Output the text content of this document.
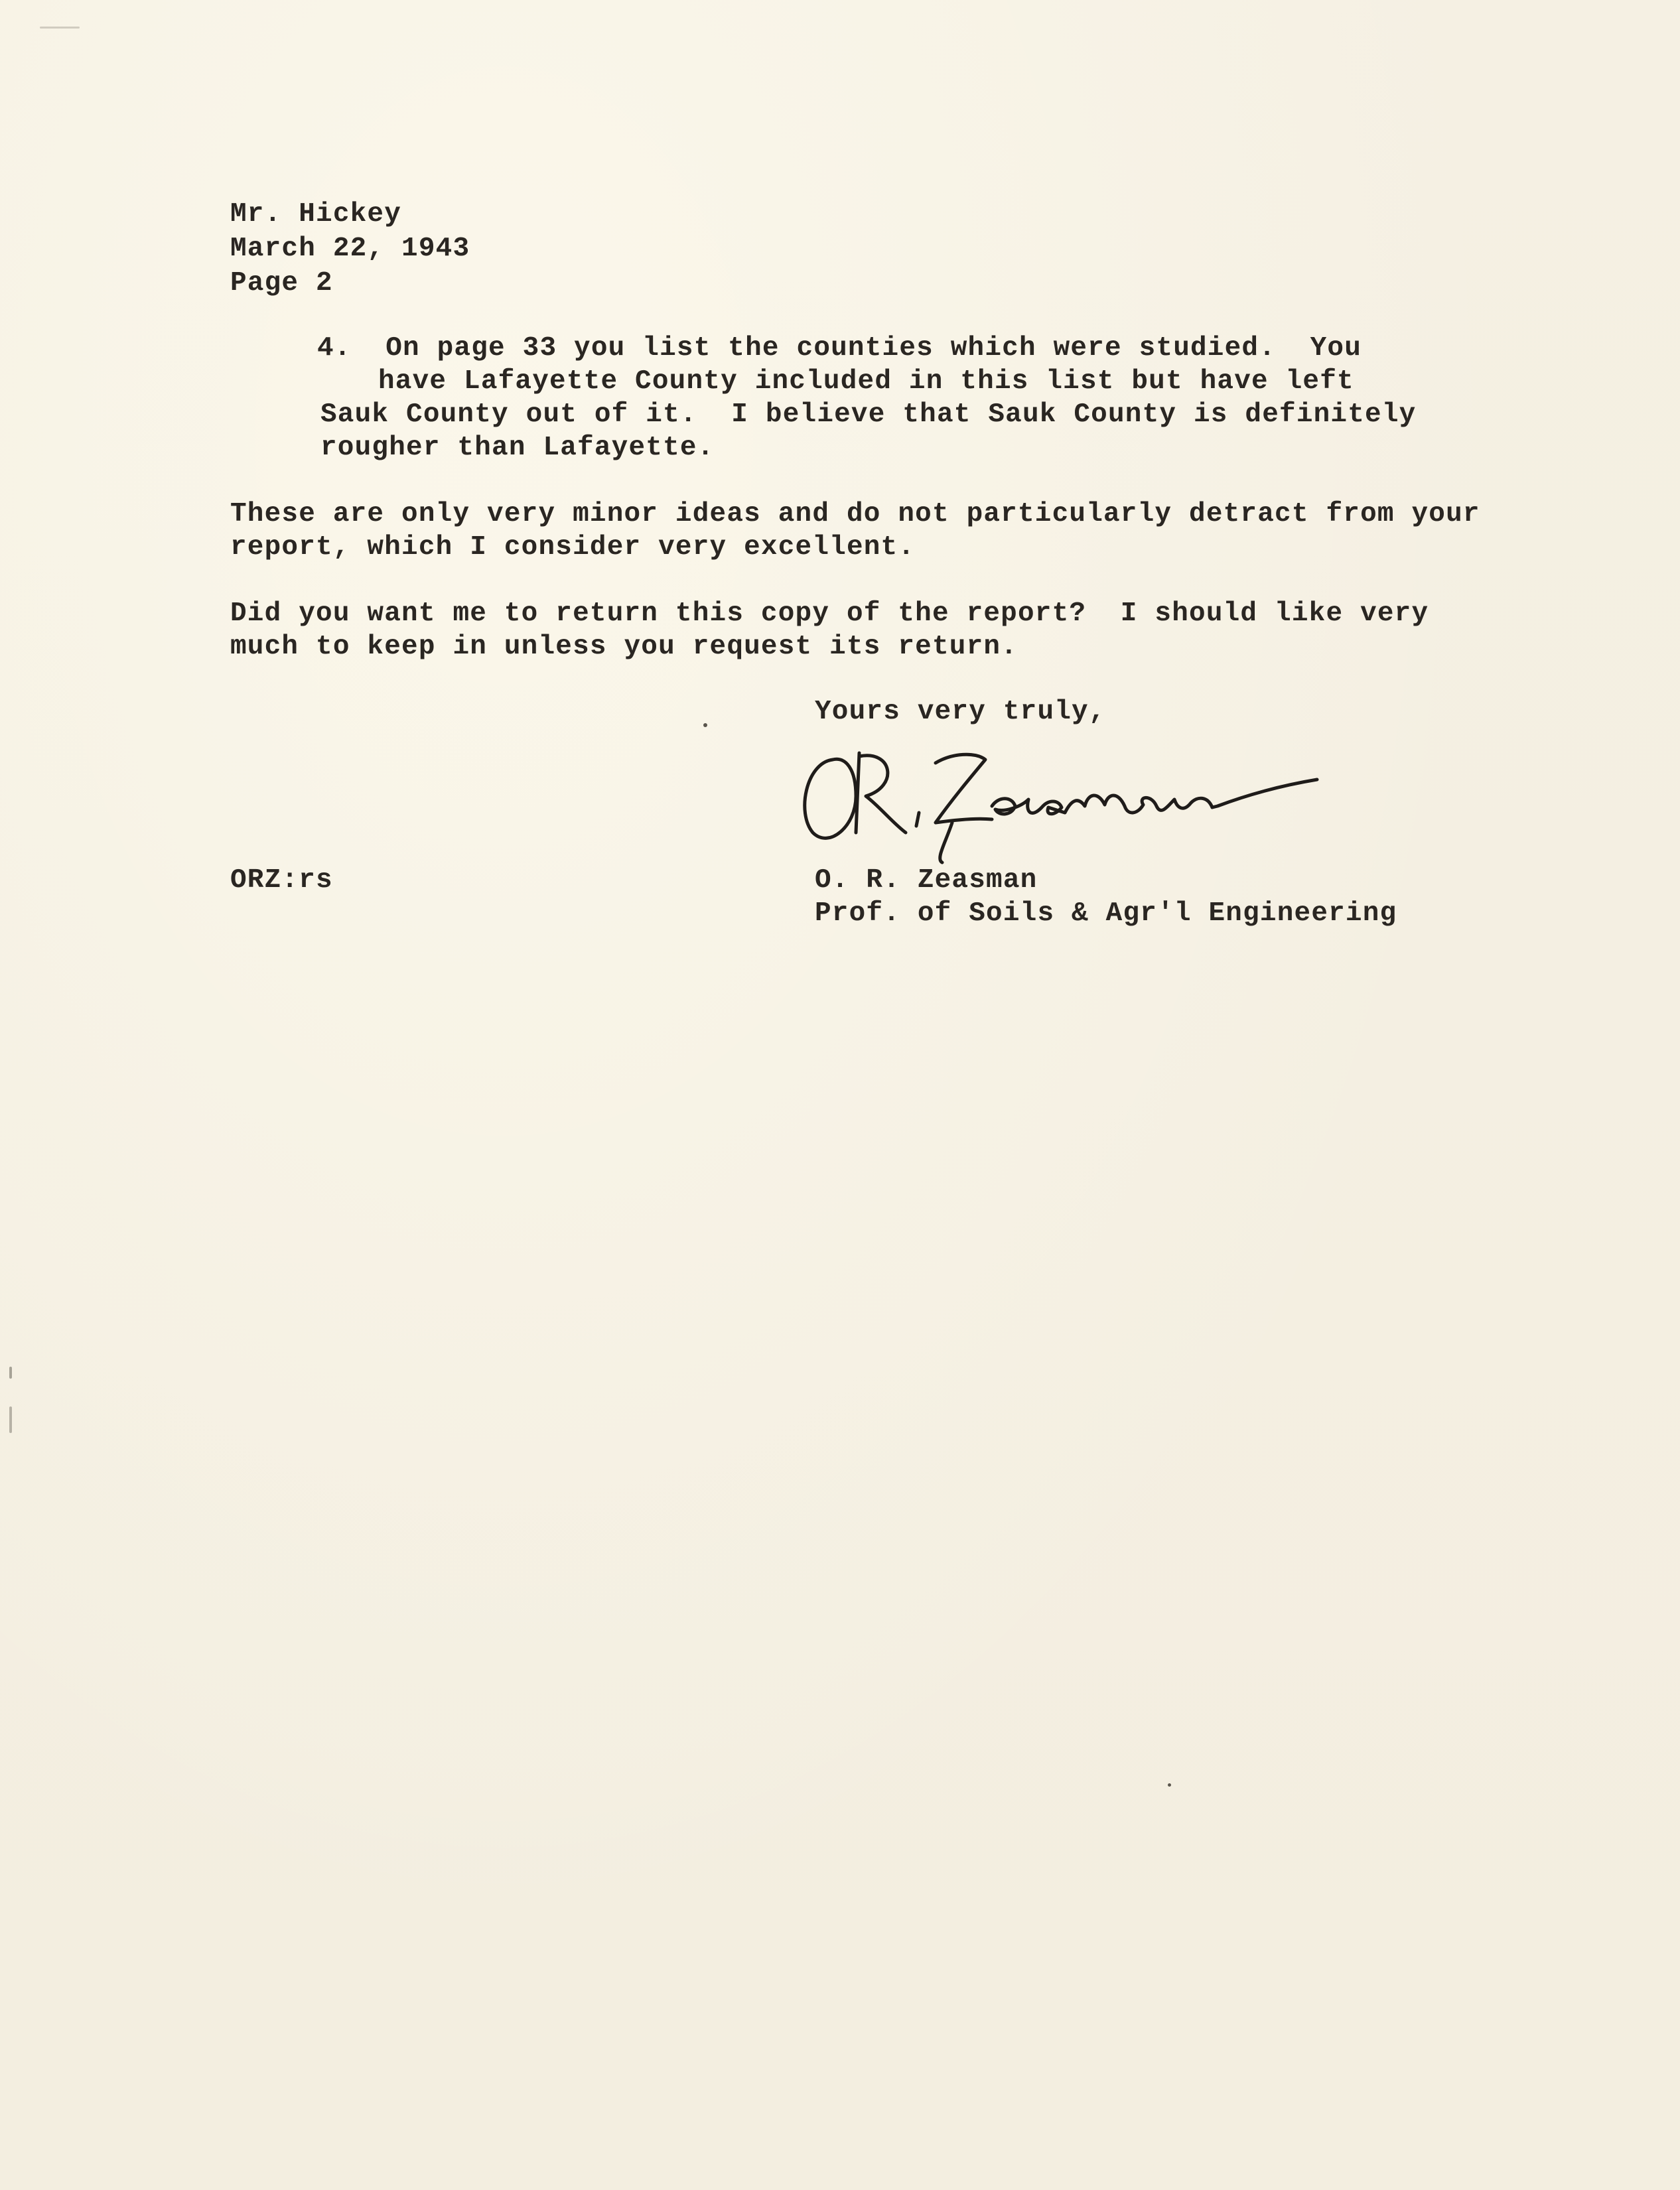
Mr. Hickey
March 22, 1943
Page 2
4.  On page 33 you list the counties which were studied.  You
have Lafayette County included in this list but have left
Sauk County out of it.  I believe that Sauk County is definitely
rougher than Lafayette.
These are only very minor ideas and do not particularly detract from your
report, which I consider very excellent.
Did you want me to return this copy of the report?  I should like very
much to keep in unless you request its return.
Yours very truly,
ORZ:rs	O. R. Zeasman
Prof. of Soils & Agr'l Engineering
